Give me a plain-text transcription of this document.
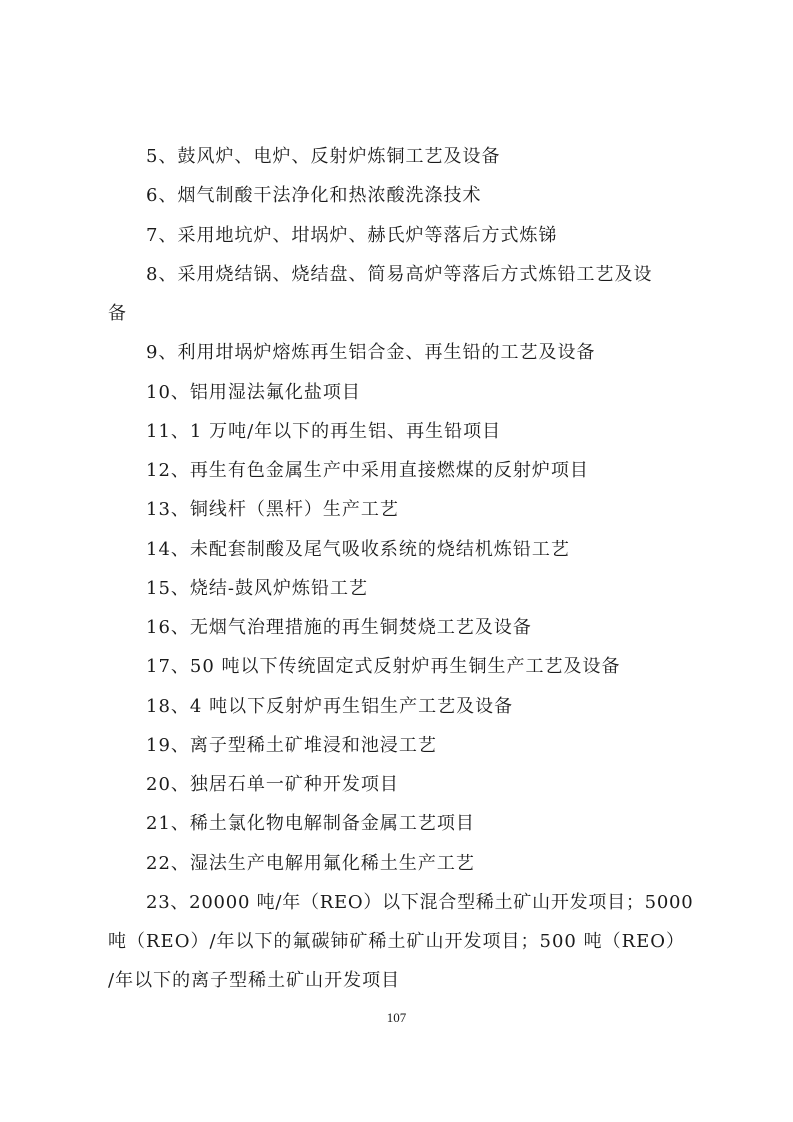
5、鼓风炉、电炉、反射炉炼铜工艺及设备
6、烟气制酸干法净化和热浓酸洗涤技术
7、采用地坑炉、坩埚炉、赫氏炉等落后方式炼锑
8、采用烧结锅、烧结盘、简易高炉等落后方式炼铅工艺及设
备
9、利用坩埚炉熔炼再生铝合金、再生铅的工艺及设备
10、铝用湿法氟化盐项目
11、1 万吨/年以下的再生铝、再生铅项目
12、再生有色金属生产中采用直接燃煤的反射炉项目
13、铜线杆（黑杆）生产工艺
14、未配套制酸及尾气吸收系统的烧结机炼铅工艺
15、烧结-鼓风炉炼铅工艺
16、无烟气治理措施的再生铜焚烧工艺及设备
17、50 吨以下传统固定式反射炉再生铜生产工艺及设备
18、4 吨以下反射炉再生铝生产工艺及设备
19、离子型稀土矿堆浸和池浸工艺
20、独居石单一矿种开发项目
21、稀土氯化物电解制备金属工艺项目
22、湿法生产电解用氟化稀土生产工艺
23、20000 吨/年（REO）以下混合型稀土矿山开发项目；5000
吨（REO）/年以下的氟碳铈矿稀土矿山开发项目；500 吨（REO）
/年以下的离子型稀土矿山开发项目
107
